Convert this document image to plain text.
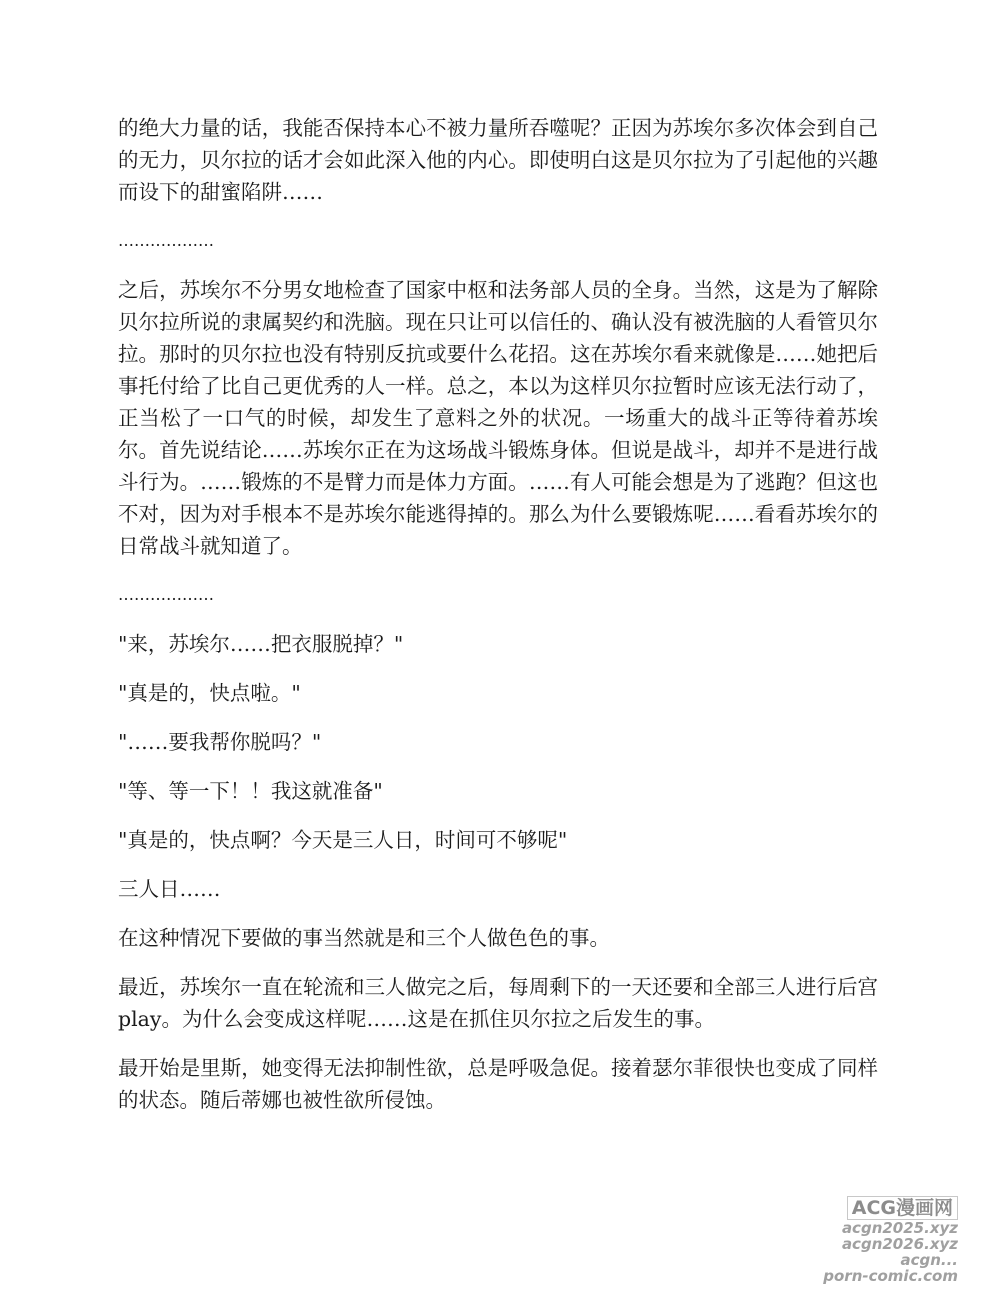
的绝大力量的话，我能否保持本心不被力量所吞噬呢？正因为苏埃尔多次体会到自己的无力，贝尔拉的话才会如此深入他的内心。即使明白这是贝尔拉为了引起他的兴趣而设下的甜蜜陷阱……

………………

之后，苏埃尔不分男女地检查了国家中枢和法务部人员的全身。当然，这是为了解除贝尔拉所说的隶属契约和洗脑。现在只让可以信任的、确认没有被洗脑的人看管贝尔拉。那时的贝尔拉也没有特别反抗或要什么花招。这在苏埃尔看来就像是……她把后事托付给了比自己更优秀的人一样。总之，本以为这样贝尔拉暂时应该无法行动了，正当松了一口气的时候，却发生了意料之外的状况。一场重大的战斗正等待着苏埃尔。首先说结论……苏埃尔正在为这场战斗锻炼身体。但说是战斗，却并不是进行战斗行为。……锻炼的不是臂力而是体力方面。……有人可能会想是为了逃跑？但这也不对，因为对手根本不是苏埃尔能逃得掉的。那么为什么要锻炼呢……看看苏埃尔的日常战斗就知道了。

………………

"来，苏埃尔……把衣服脱掉？"

"真是的，快点啦。"

"……要我帮你脱吗？"

"等、等一下！！我这就准备"

"真是的，快点啊？今天是三人日，时间可不够呢"

三人日……

在这种情况下要做的事当然就是和三个人做色色的事。

最近，苏埃尔一直在轮流和三人做完之后，每周剩下的一天还要和全部三人进行后宫 play。为什么会变成这样呢……这是在抓住贝尔拉之后发生的事。

最开始是里斯，她变得无法抑制性欲，总是呼吸急促。接着瑟尔菲很快也变成了同样的状态。随后蒂娜也被性欲所侵蚀。

ACG漫画网
acgn2025.xyz
acgn2026.xyz
acgn...
porn-comic.com
